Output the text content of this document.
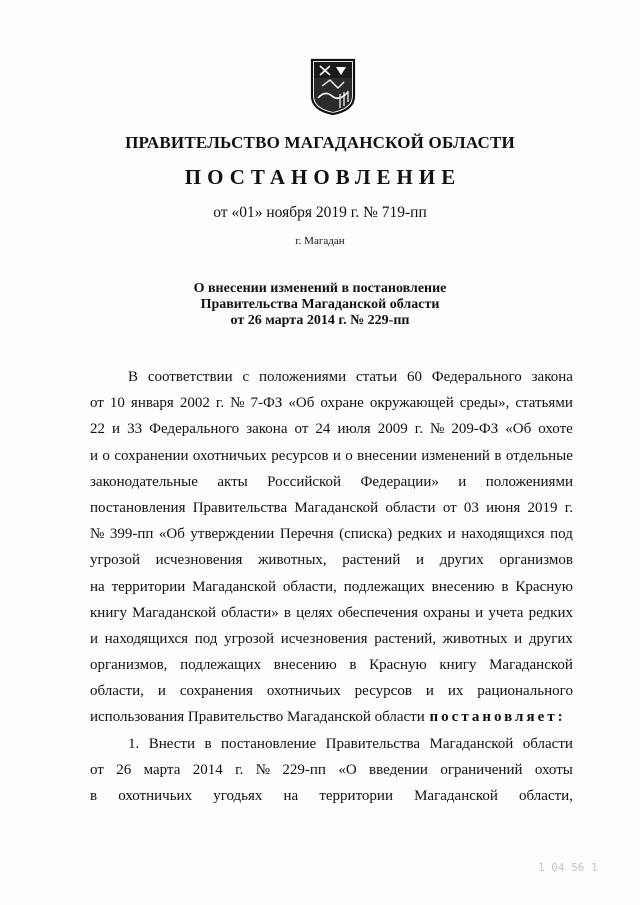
ПРАВИТЕЛЬСТВО МАГАДАНСКОЙ ОБЛАСТИ
ПОСТАНОВЛЕНИЕ
от «01» ноября 2019 г. № 719-пп
г. Магадан
О внесении изменений в постановление
Правительства Магаданской области
от 26 марта 2014 г. № 229-пп
В соответствии с положениями статьи 60 Федерального закона
от 10 января 2002 г. № 7-ФЗ «Об охране окружающей среды», статьями
22 и 33 Федерального закона от 24 июля 2009 г. № 209-ФЗ «Об охоте
и о сохранении охотничьих ресурсов и о внесении изменений в отдельные
законодательные акты Российской Федерации» и положениями
постановления Правительства Магаданской области от 03 июня 2019 г.
№ 399-пп «Об утверждении Перечня (списка) редких и находящихся под
угрозой исчезновения животных, растений и других организмов
на территории Магаданской области, подлежащих внесению в Красную
книгу Магаданской области» в целях обеспечения охраны и учета редких
и находящихся под угрозой исчезновения растений, животных и других
организмов, подлежащих внесению в Красную книгу Магаданской
области, и сохранения охотничьих ресурсов и их рационального
использования Правительство Магаданской области постановляет:
1. Внести в постановление Правительства Магаданской области
от 26 марта 2014 г. № 229-пп «О введении ограничений охоты
в охотничьих угодьях на территории Магаданской области,
1 04 56 1
